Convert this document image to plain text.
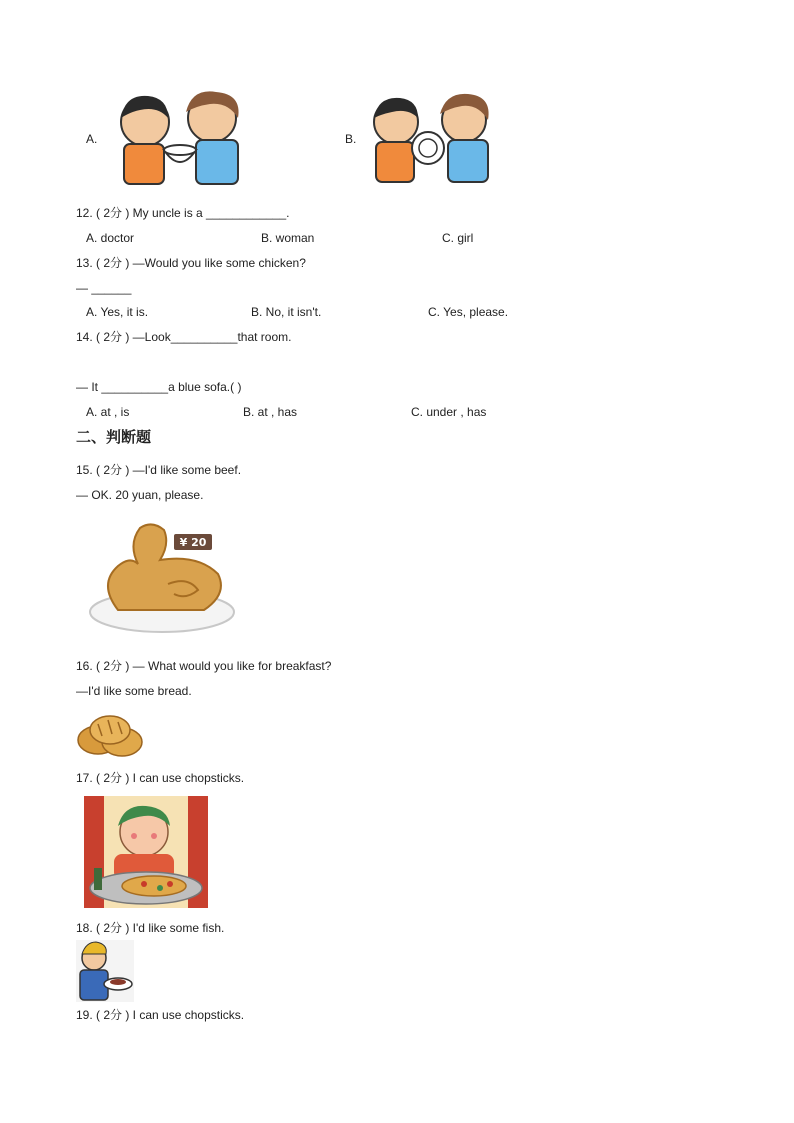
A.	B.
12. ( 2分 ) My uncle is a ____________.
A. doctor	B. woman	C. girl
13. ( 2分 ) —Would you like some chicken?
— ______
A. Yes, it is.	B. No, it isn't.	C. Yes, please.
14. ( 2分 ) —Look__________that room.
— It __________a blue sofa.( )
A. at , is	B. at , has	C. under , has
二、判断题
15. ( 2分 ) —I'd like some beef.
— OK. 20 yuan, please.
¥ 20
16. ( 2分 ) — What would you like for breakfast?
—I'd like some bread.
17. ( 2分 ) I can use chopsticks.
18. ( 2分 ) I'd like some fish.
19. ( 2分 ) I can use chopsticks.
